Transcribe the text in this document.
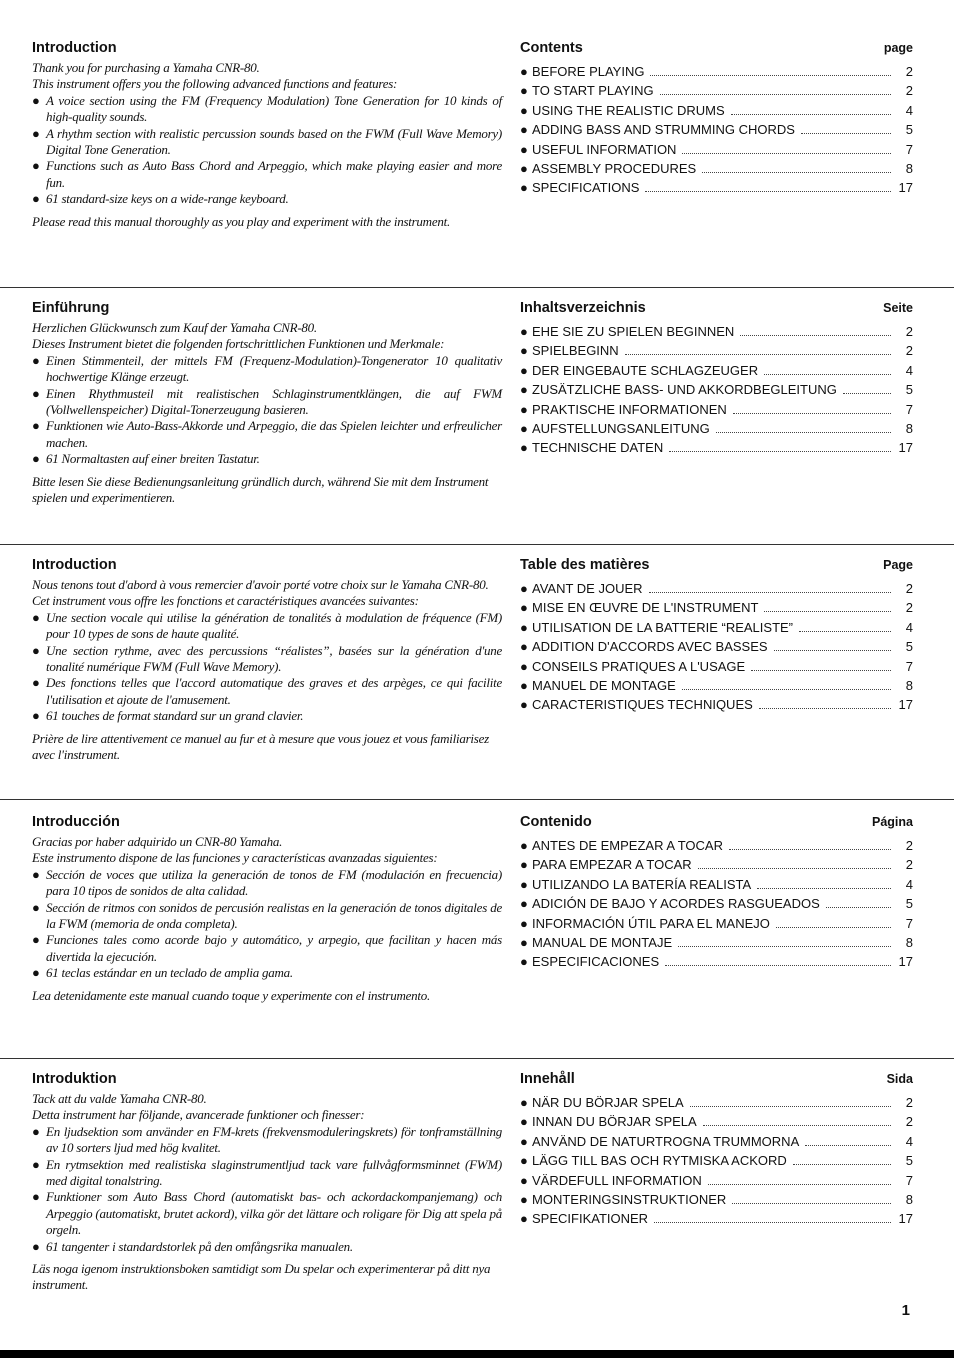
Introduction
Thank you for purchasing a Yamaha CNR-80.
This instrument offers you the following advanced functions and features:
● A voice section using the FM (Frequency Modulation) Tone Generation for 10 kinds of high-quality sounds.
● A rhythm section with realistic percussion sounds based on the FWM (Full Wave Memory) Digital Tone Generation.
● Functions such as Auto Bass Chord and Arpeggio, which make playing easier and more fun.
● 61 standard-size keys on a wide-range keyboard.
Please read this manual thoroughly as you play and experiment with the instrument.
Contents	page
● BEFORE PLAYING	2
● TO START PLAYING	2
● USING THE REALISTIC DRUMS	4
● ADDING BASS AND STRUMMING CHORDS	5
● USEFUL INFORMATION	7
● ASSEMBLY PROCEDURES	8
● SPECIFICATIONS	17
Einführung
Herzlichen Glückwunsch zum Kauf der Yamaha CNR-80.
Dieses Instrument bietet die folgenden fortschrittlichen Funktionen und Merkmale:
● Einen Stimmenteil, der mittels FM (Frequenz-Modulation)-Tongenerator 10 qualitativ hochwertige Klänge erzeugt.
● Einen Rhythmusteil mit realistischen Schlaginstrumentklängen, die auf FWM (Vollwellenspeicher) Digital-Tonerzeugung basieren.
● Funktionen wie Auto-Bass-Akkorde und Arpeggio, die das Spielen leichter und erfreulicher machen.
● 61 Normaltasten auf einer breiten Tastatur.
Bitte lesen Sie diese Bedienungsanleitung gründlich durch, während Sie mit dem Instrument spielen und experimentieren.
Inhaltsverzeichnis	Seite
● EHE SIE ZU SPIELEN BEGINNEN	2
● SPIELBEGINN	2
● DER EINGEBAUTE SCHLAGZEUGER	4
● ZUSÄTZLICHE BASS- UND AKKORDBEGLEITUNG	5
● PRAKTISCHE INFORMATIONEN	7
● AUFSTELLUNGSANLEITUNG	8
● TECHNISCHE DATEN	17
Introduction
Nous tenons tout d'abord à vous remercier d'avoir porté votre choix sur le Yamaha CNR-80. Cet instrument vous offre les fonctions et caractéristiques avancées suivantes:
● Une section vocale qui utilise la génération de tonalités à modulation de fréquence (FM) pour 10 types de sons de haute qualité.
● Une section rythme, avec des percussions “réalistes”, basées sur la génération d'une tonalité numérique FWM (Full Wave Memory).
● Des fonctions telles que l'accord automatique des graves et des arpèges, ce qui facilite l'utilisation et ajoute de l'amusement.
● 61 touches de format standard sur un grand clavier.
Prière de lire attentivement ce manuel au fur et à mesure que vous jouez et vous familiarisez avec l'instrument.
Table des matières	Page
● AVANT DE JOUER	2
● MISE EN ŒUVRE DE L'INSTRUMENT	2
● UTILISATION DE LA BATTERIE “REALISTE”	4
● ADDITION D'ACCORDS AVEC BASSES	5
● CONSEILS PRATIQUES A L'USAGE	7
● MANUEL DE MONTAGE	8
● CARACTERISTIQUES TECHNIQUES	17
Introducción
Gracias por haber adquirido un CNR-80 Yamaha.
Este instrumento dispone de las funciones y características avanzadas siguientes:
● Sección de voces que utiliza la generación de tonos de FM (modulación en frecuencia) para 10 tipos de sonidos de alta calidad.
● Sección de ritmos con sonidos de percusión realistas en la generación de tonos digitales de la FWM (memoria de onda completa).
● Funciones tales como acorde bajo y automático, y arpegio, que facilitan y hacen más divertida la ejecución.
● 61 teclas estándar en un teclado de amplia gama.
Lea detenidamente este manual cuando toque y experimente con el instrumento.
Contenido	Página
● ANTES DE EMPEZAR A TOCAR	2
● PARA EMPEZAR A TOCAR	2
● UTILIZANDO LA BATERÍA REALISTA	4
● ADICIÓN DE BAJO Y ACORDES RASGUEADOS	5
● INFORMACIÓN ÚTIL PARA EL MANEJO	7
● MANUAL DE MONTAJE	8
● ESPECIFICACIONES	17
Introduktion
Tack att du valde Yamaha CNR-80.
Detta instrument har följande, avancerade funktioner och finesser:
● En ljudsektion som använder en FM-krets (frekvensmoduleringskrets) för tonframställning av 10 sorters ljud med hög kvalitet.
● En rytmsektion med realistiska slaginstrumentljud tack vare fullvågformsminnet (FWM) med digital tonalstring.
● Funktioner som Auto Bass Chord (automatiskt bas- och ackordackompanjemang) och Arpeggio (automatiskt, brutet ackord), vilka gör det lättare och roligare för Dig att spela på orgeln.
● 61 tangenter i standardstorlek på den omfångsrika manualen.
Läs noga igenom instruktionsboken samtidigt som Du spelar och experimenterar på ditt nya instrument.
Innehåll	Sida
● NÄR DU BÖRJAR SPELA	2
● INNAN DU BÖRJAR SPELA	2
● ANVÄND DE NATURTROGNA TRUMMORNA	4
● LÄGG TILL BAS OCH RYTMISKA ACKORD	5
● VÄRDEFULL INFORMATION	7
● MONTERINGSINSTRUKTIONER	8
● SPECIFIKATIONER	17
1
